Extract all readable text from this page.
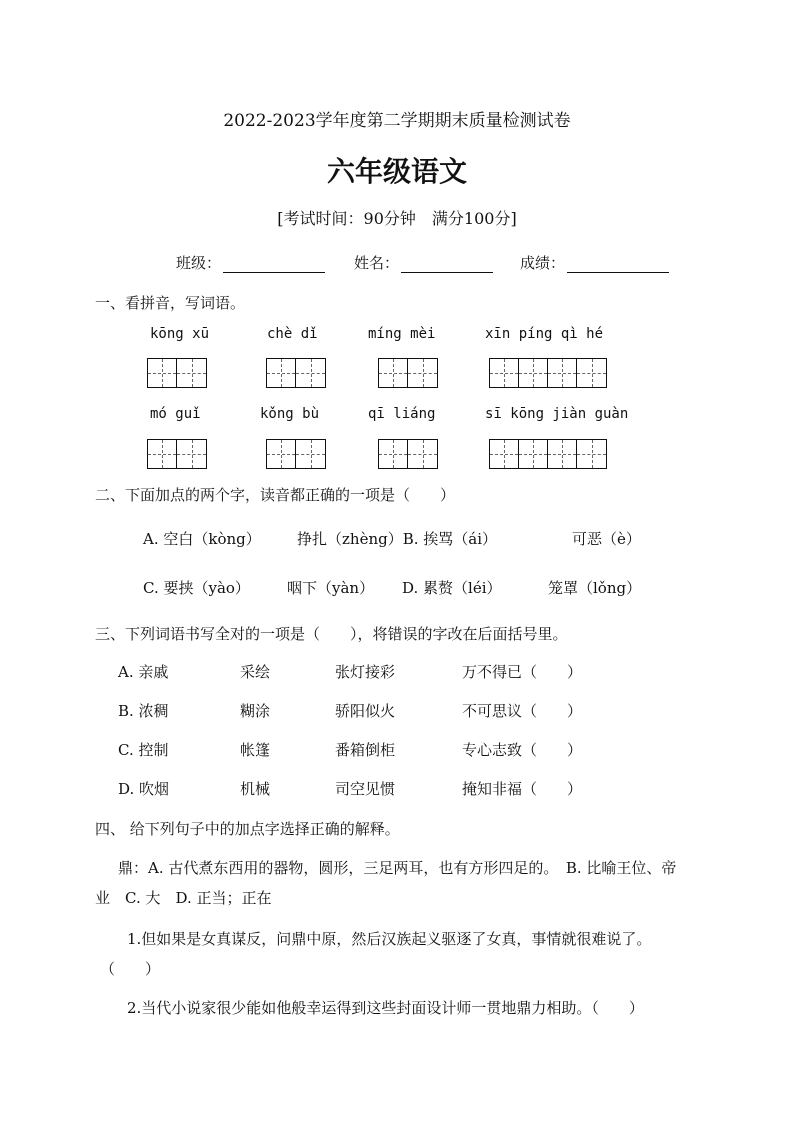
2022-2023学年度第二学期期末质量检测试卷
六年级语文
[考试时间：90分钟　满分100分]
班级：	姓名：	成绩：
一、看拼音，写词语。
kōng xū	chè dǐ	míng mèi	xīn píng qì hé
mó guǐ	kǒng bù	qī liáng	sī kōng jiàn guàn
二、下面加点的两个字，读音都正确的一项是（　　）
A. 空白（kòng） 挣扎（zhèng）B. 挨骂（ái）	可恶（è）
C. 要挟（yào） 咽下（yàn） D. 累赘（léi）	笼罩（lǒng）
三、下列词语书写全对的一项是（　　），将错误的字改在后面括号里。
A. 亲戚	采绘	张灯接彩	万不得已（　　）
B. 浓稠	糊涂	骄阳似火	不可思议（　　）
C. 控制	帐篷	番箱倒柜	专心志致（　　）
D. 吹烟	机械	司空见惯	掩知非福（　　）
四、 给下列句子中的加点字选择正确的解释。
鼎：A. 古代煮东西用的器物，圆形，三足两耳，也有方形四足的。　B. 比喻王位、帝
业　C. 大　D. 正当；正在
1.但如果是女真谋反，问鼎中原，然后汉族起义驱逐了女真，事情就很难说了。
（　　）
2.当代小说家很少能如他般幸运得到这些封面设计师一贯地鼎力相助。（　　）
